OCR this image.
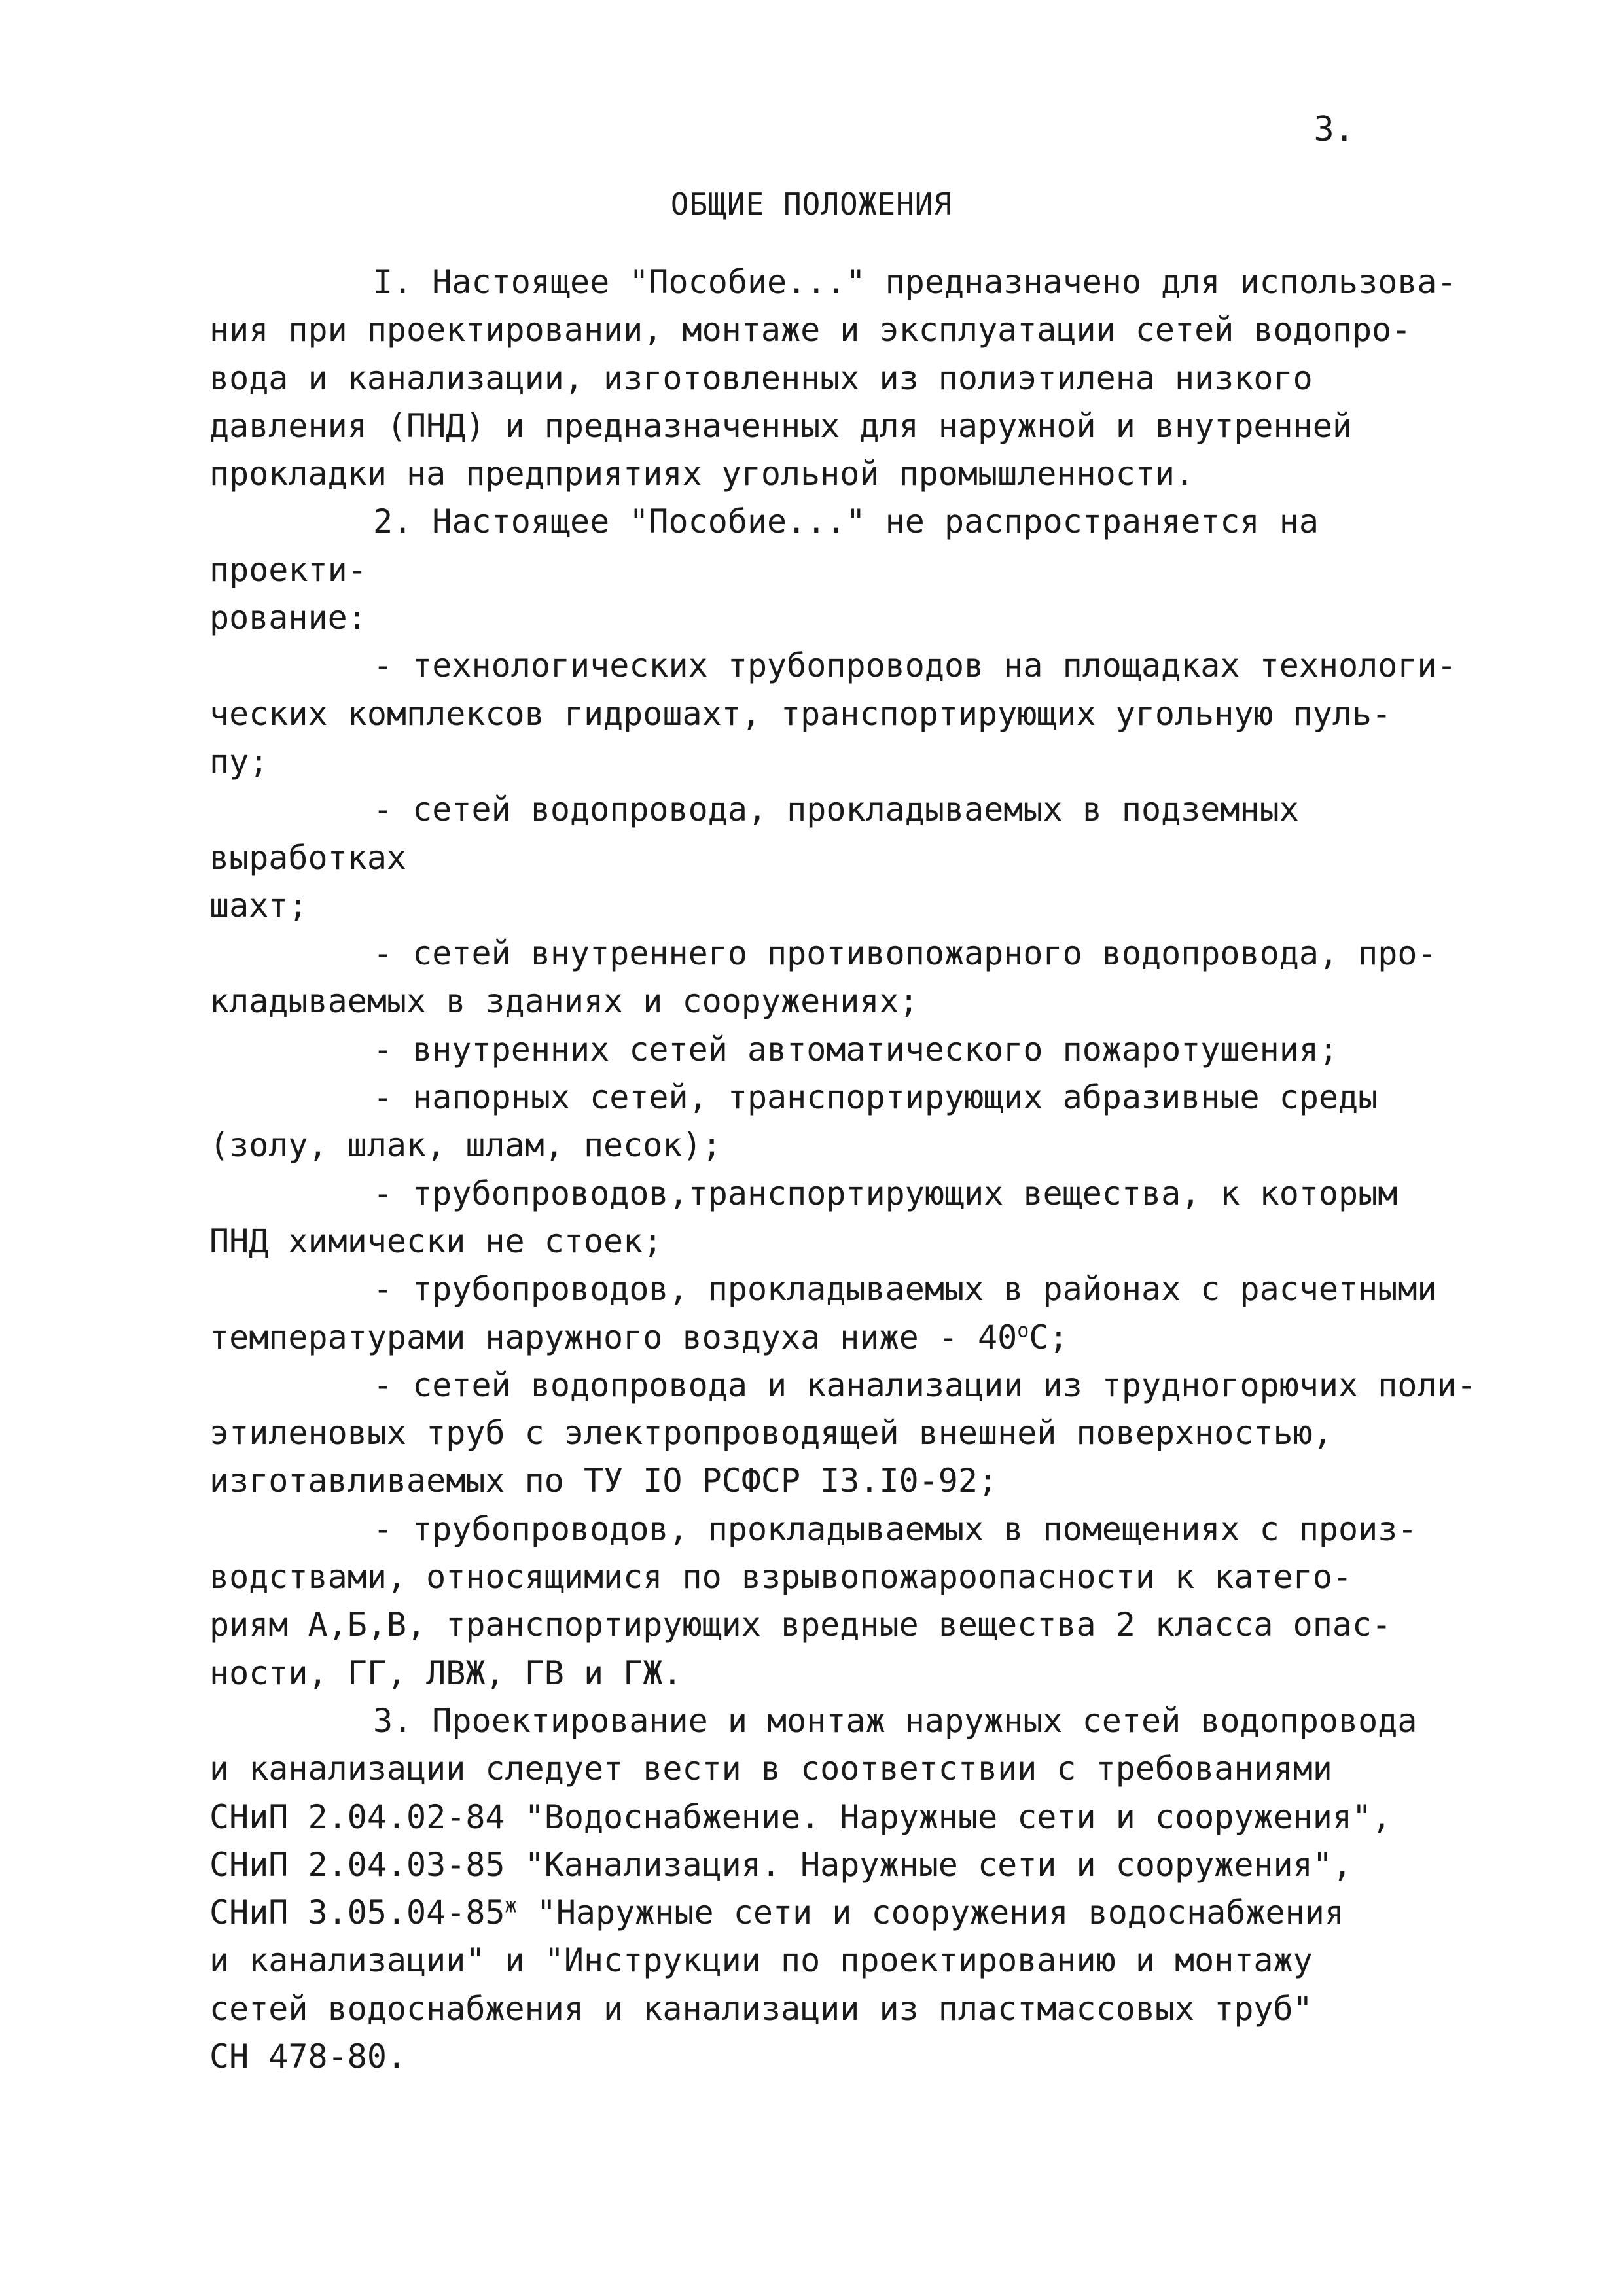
3.
ОБЩИЕ ПОЛОЖЕНИЯ

I. Настоящее "Пособие..." предназначено для использова-

ния при проектировании, монтаже и эксплуатации сетей водопро-

вода и канализации, изготовленных из полиэтилена низкого

давления (ПНД) и предназначенных для наружной и внутренней

прокладки на предприятиях угольной промышленности.

2. Настоящее "Пособие..." не распространяется на проекти-

рование:

- технологических трубопроводов на площадках технологи-

ческих комплексов гидрошахт, транспортирующих угольную пуль-

пу;

- сетей водопровода, прокладываемых в подземных выработках

шахт;

- сетей внутреннего противопожарного водопровода, про-

кладываемых в зданиях и сооружениях;

- внутренних сетей автоматического пожаротушения;

- напорных сетей, транспортирующих абразивные среды

(золу, шлак, шлам, песок);

- трубопроводов,транспортирующих вещества, к которым

ПНД химически не стоек;

- трубопроводов, прокладываемых в районах с расчетными

температурами наружного воздуха ниже - $40^оС$;

- сетей водопровода и канализации из трудногорючих поли-

этиленовых труб с электропроводящей внешней поверхностью,

изготавливаемых по ТУ IO РСФСР I3.I0-92;

- трубопроводов, прокладываемых в помещениях с произ-

водствами, относящимися по взрывопожароопасности к катего-

риям А,Б,В, транспортирующих вредные вещества 2 класса опас-

ности, ГГ, ЛВЖ, ГВ и ГЖ.

3. Проектирование и монтаж наружных сетей водопровода

и канализации следует вести в соответствии с требованиями

СНиП 2.04.02-84 "Водоснабжение. Наружные сети и сооружения",

СНиП 2.04.03-85 "Канализация. Наружные сети и сооружения",

СНиП $3.05.04-85^ж$ "Наружные сети и сооружения водоснабжения

и канализации" и "Инструкции по проектированию и монтажу

сетей водоснабжения и канализации из пластмассовых труб"

СН 478-80.
